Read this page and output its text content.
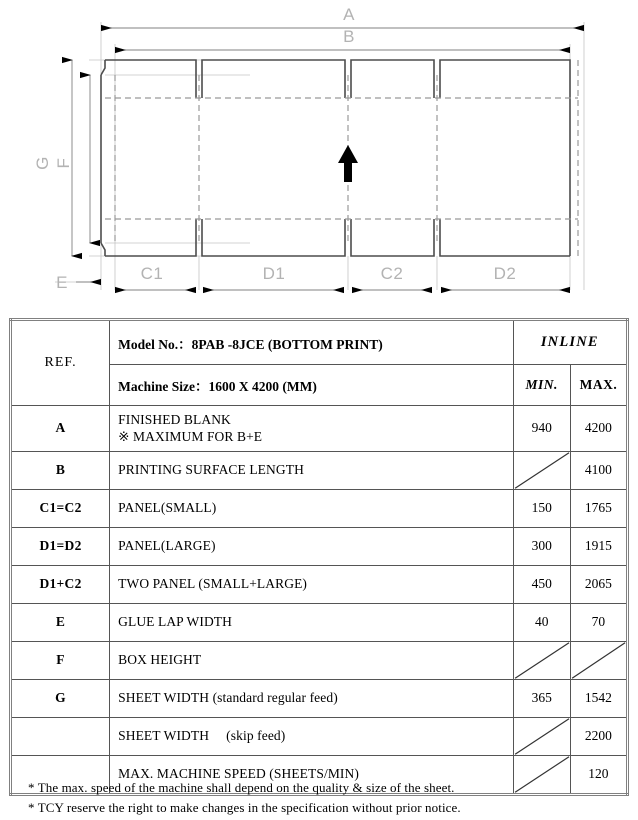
A
B
G F
E	C1	D1	C2	D2
REF.	Model No.：8PAB -8JCE (BOTTOM PRINT)	INLINE	

	Machine Size：1600 X 4200 (MM)	MIN.	MAX.

A	FINISHED BLANK
※ MAXIMUM FOR B+E	940	4200

B	PRINTING SURFACE LENGTH		4100

C1=C2	PANEL(SMALL)	150	1765

D1=D2	PANEL(LARGE)	300	1915

D1+C2	TWO PANEL (SMALL+LARGE)	450	2065

E	GLUE LAP WIDTH	40	70

F	BOX HEIGHT

G	SHEET WIDTH (standard regular feed)	365	1542

	SHEET WIDTH　 (skip feed)		2200

	MAX. MACHINE SPEED (SHEETS/MIN)		120
* The max. speed of the machine shall depend on the quality & size of the sheet.
* TCY reserve the right to make changes in the specification without prior notice.
